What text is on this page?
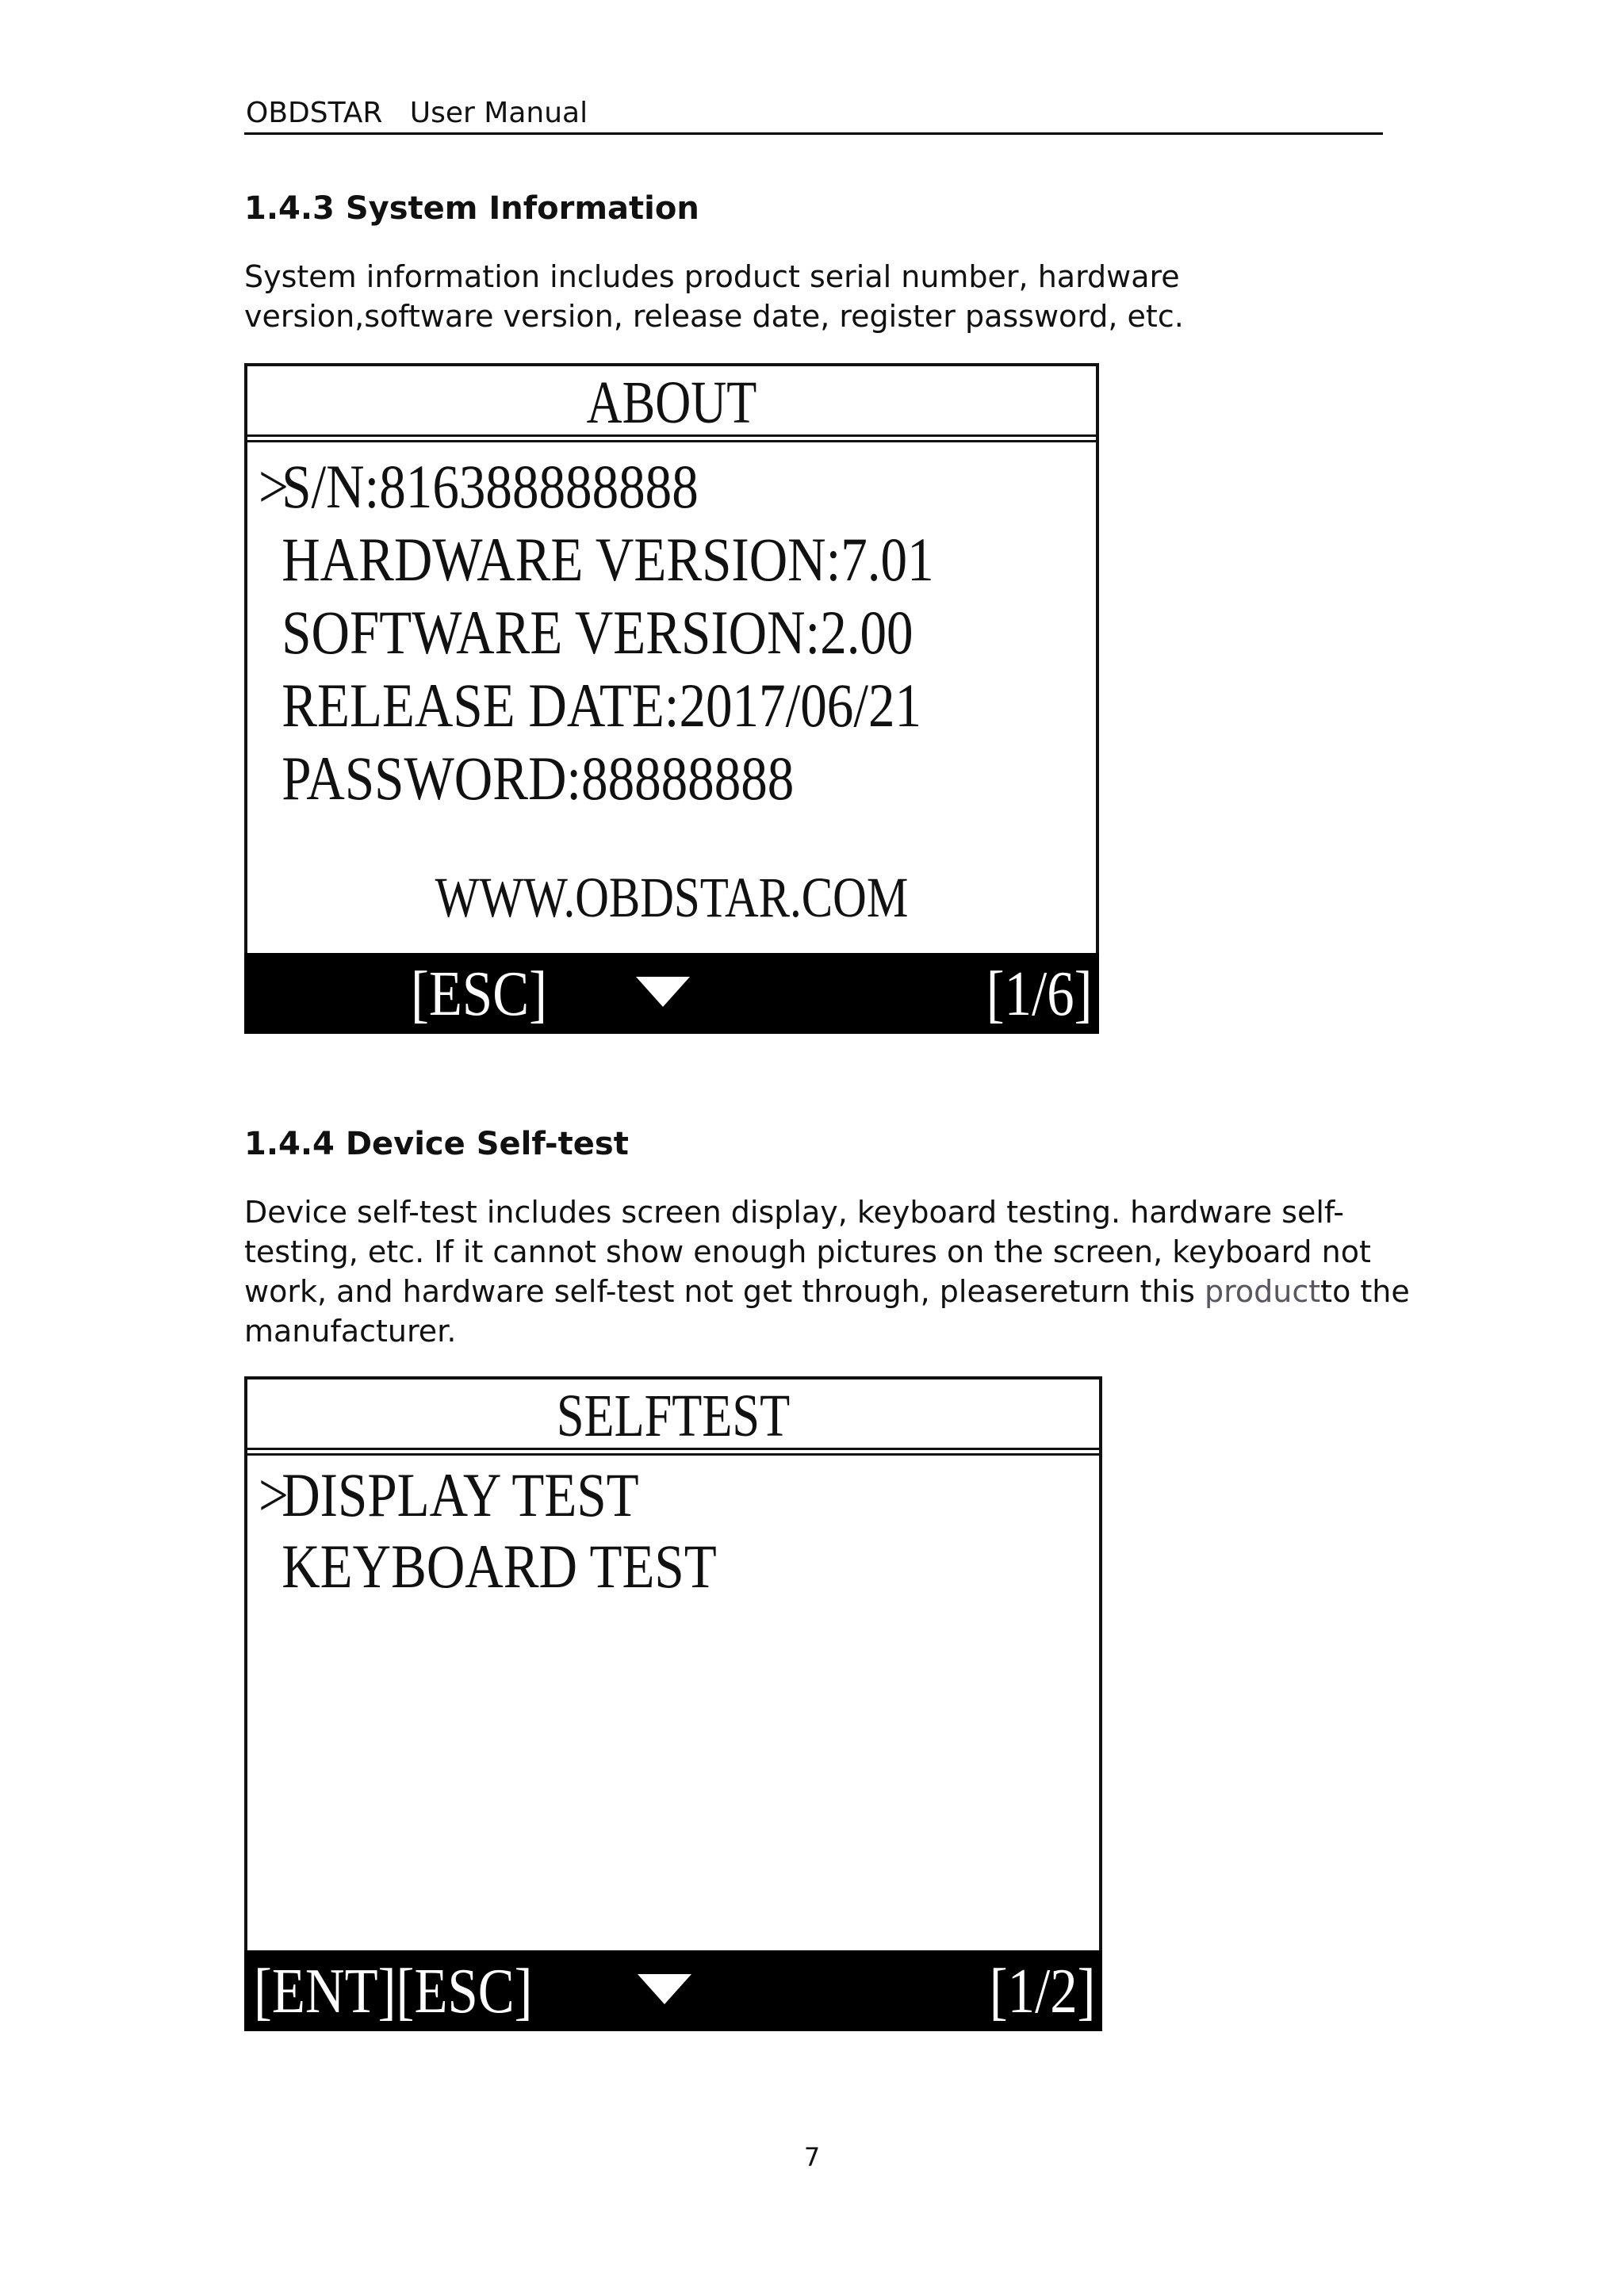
OBDSTAR User Manual
1.4.3 System Information
System information includes product serial number, hardware
version,software version, release date, register password, etc.
ABOUT
>S/N:816388888888
HARDWARE VERSION:7.01
SOFTWARE VERSION:2.00
RELEASE DATE:2017/06/21
PASSWORD:88888888
WWW.OBDSTAR.COM
[ESC]	[1/6]
1.4.4 Device Self-test
Device self-test includes screen display, keyboard testing. hardware self-
testing, etc. If it cannot show enough pictures on the screen, keyboard not
work, and hardware self-test not get through, pleasereturn this productto the
manufacturer.
SELFTEST
>DISPLAY TEST
KEYBOARD TEST
[ENT][ESC]	[1/2]
7
